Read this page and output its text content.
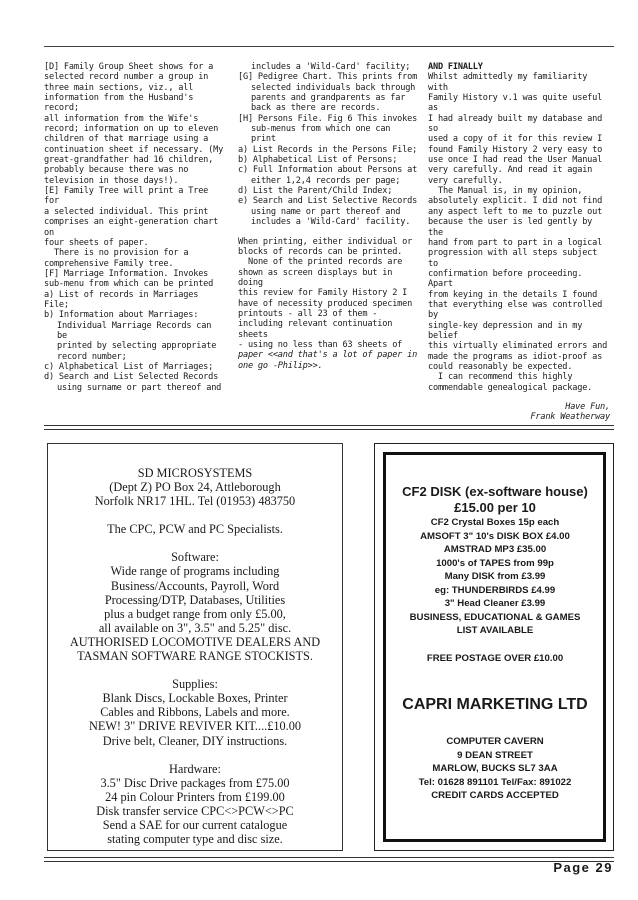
[D] Family Group Sheet shows for a

selected record number a group in

three main sections, viz., all

information from the Husband's record;

all information from the Wife's

record; information on up to eleven

children of that marriage using a

continuation sheet if necessary. (My

great-grandfather had 16 children,

probably because there was no

television in those days!).

[E] Family Tree will print a Tree for

a selected individual. This print

comprises an eight-generation chart on

four sheets of paper.

There is no provision for a

comprehensive Family tree.

[F] Marriage Information. Invokes

sub-menu from which can be printed

a) List of records in Marriages File;

b) Information about Marriages:

Individual Marriage Records can be

printed by selecting appropriate

record number;

c) Alphabetical List of Marriages;

d) Search and List Selected Records

using surname or part thereof and

includes a 'Wild-Card' facility;

[G] Pedigree Chart. This prints from

selected individuals back through

parents and grandparents as far

back as there are records.

[H] Persons File. Fig 6 This invokes

sub-menus from which one can print

a) List Records in the Persons File;

b) Alphabetical List of Persons;

c) Full Information about Persons at

either 1,2,4 records per page;

d) List the Parent/Child Index;

e) Search and List Selective Records

using name or part thereof and

includes a 'Wild-Card' facility.

When printing, either individual or

blocks of records can be printed.

None of the printed records are

shown as screen displays but in doing

this review for Family History 2 I

have of necessity produced specimen

printouts - all 23 of them -

including relevant continuation sheets

- using no less than 63 sheets of

paper <<and that's a lot of paper in

one go -Philip>>.

AND FINALLY

Whilst admittedly my familiarity with

Family History v.1 was quite useful as

I had already built my database and so

used a copy of it for this review I

found Family History 2 very easy to

use once I had read the User Manual

very carefully. And read it again

very carefully.

The Manual is, in my opinion,

absolutely explicit. I did not find

any aspect left to me to puzzle out

because the user is led gently by the

hand from part to part in a logical

progression with all steps subject to

confirmation before proceeding. Apart

from keying in the details I found

that everything else was controlled by

single-key depression and in my belief

this virtually eliminated errors and

made the programs as idiot-proof as

could reasonably be expected.

I can recommend this highly

commendable genealogical package.

Have Fun,

Frank Weatherway

SD MICROSYSTEMS

(Dept Z) PO Box 24, Attleborough

Norfolk NR17 1HL. Tel (01953) 483750

The CPC, PCW and PC Specialists.

Software:

Wide range of programs including

Business/Accounts, Payroll, Word

Processing/DTP, Databases, Utilities

plus a budget range from only £5.00,

all available on 3", 3.5" and 5.25" disc.

AUTHORISED LOCOMOTIVE DEALERS AND

TASMAN SOFTWARE RANGE STOCKISTS.

Supplies:

Blank Discs, Lockable Boxes, Printer

Cables and Ribbons, Labels and more.

NEW! 3" DRIVE REVIVER KIT....£10.00

Drive belt, Cleaner, DIY instructions.

Hardware:

3.5" Disc Drive packages from £75.00

24 pin Colour Printers from £199.00

Disk transfer service CPC<>PCW<>PC

Send a SAE for our current catalogue

stating computer type and disc size.

CF2 DISK (ex-software house)

£15.00 per 10

CF2 Crystal Boxes 15p each

AMSOFT 3" 10's DISK BOX £4.00

AMSTRAD MP3 £35.00

1000's of TAPES from 99p

Many DISK from £3.99

eg: THUNDERBIRDS £4.99

3" Head Cleaner £3.99

BUSINESS, EDUCATIONAL & GAMES

LIST AVAILABLE

FREE POSTAGE OVER £10.00

CAPRI MARKETING LTD

COMPUTER CAVERN

9 DEAN STREET

MARLOW, BUCKS SL7 3AA

Tel: 01628 891101 Tel/Fax: 891022

CREDIT CARDS ACCEPTED

Page 29
